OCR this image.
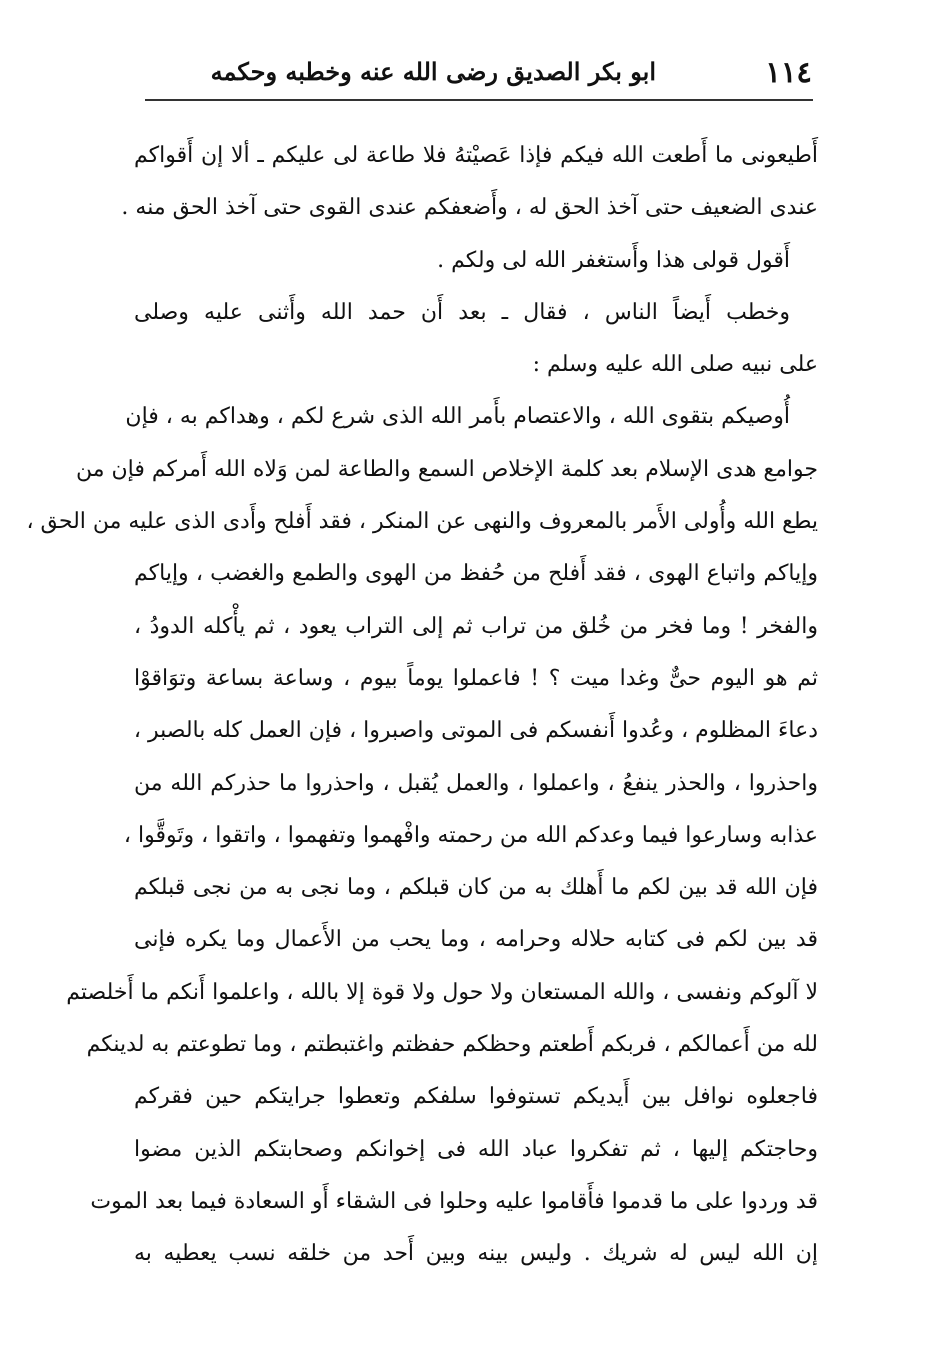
١١٤
ابو بكر الصديق رضى الله عنه وخطبه وحكمه
أَطيعونى ما أَطعت الله فيكم فإذا عَصيْتهُ فلا طاعة لى عليكم ـ ألا إن أَقواكم
عندى الضعيف حتى آخذ الحق له ، وأَضعفكم عندى القوى حتى آخذ الحق منه .
أَقول قولى هذا وأَستغفر الله لى ولكم .
وخطب أَيضاً الناس ، فقال ـ بعد أَن حمد الله وأَثنى عليه وصلى
على نبيه صلى الله عليه وسلم :
أُوصيكم بتقوى الله ، والاعتصام بأَمر الله الذى شرع لكم ، وهداكم به ، فإن
جوامع هدى الإسلام بعد كلمة الإخلاص السمع والطاعة لمن وَلاه الله أَمركم فإن من
يطع الله وأُولى الأَمر بالمعروف والنهى عن المنكر ، فقد أَفلح وأَدى الذى عليه من الحق ،
وإياكم واتباع الهوى ، فقد أَفلح من حُفظ من الهوى والطمع والغضب ، وإياكم
والفخر ! وما فخر من خُلق من تراب ثم إلى التراب يعود ، ثم يأْكله الدودُ ،
ثم هو اليوم حىٌّ وغدا ميت ؟ ! فاعملوا يوماً بيوم ، وساعة بساعة وتوَاقوْا
دعاءَ المظلوم ، وعُدوا أَنفسكم فى الموتى واصبروا ، فإن العمل كله بالصبر ،
واحذروا ، والحذر ينفعُ ، واعملوا ، والعمل يُقبل ، واحذروا ما حذركم الله من
عذابه وسارعوا فيما وعدكم الله من رحمته وافْهموا وتفهموا ، واتقوا ، وتَوقَّوا ،
فإن الله قد بين لكم ما أَهلك به من كان قبلكم ، وما نجى به من نجى قبلكم
قد بين لكم فى كتابه حلاله وحرامه ، وما يحب من الأَعمال وما يكره فإنى
لا آلوكم ونفسى ، والله المستعان ولا حول ولا قوة إلا بالله ، واعلموا أَنكم ما أَخلصتم
لله من أَعمالكم ، فربكم أَطعتم وحظكم حفظتم واغتبطتم ، وما تطوعتم به لدينكم
فاجعلوه نوافل بين أَيديكم تستوفوا سلفكم وتعطوا جرايتكم حين فقركم
وحاجتكم إليها ، ثم تفكروا عباد الله فى إخوانكم وصحابتكم الذين مضوا
قد وردوا على ما قدموا فأَقاموا عليه وحلوا فى الشقاء أَو السعادة فيما بعد الموت
إن الله ليس له شريك . وليس بينه وبين أَحد من خلقه نسب يعطيه به
